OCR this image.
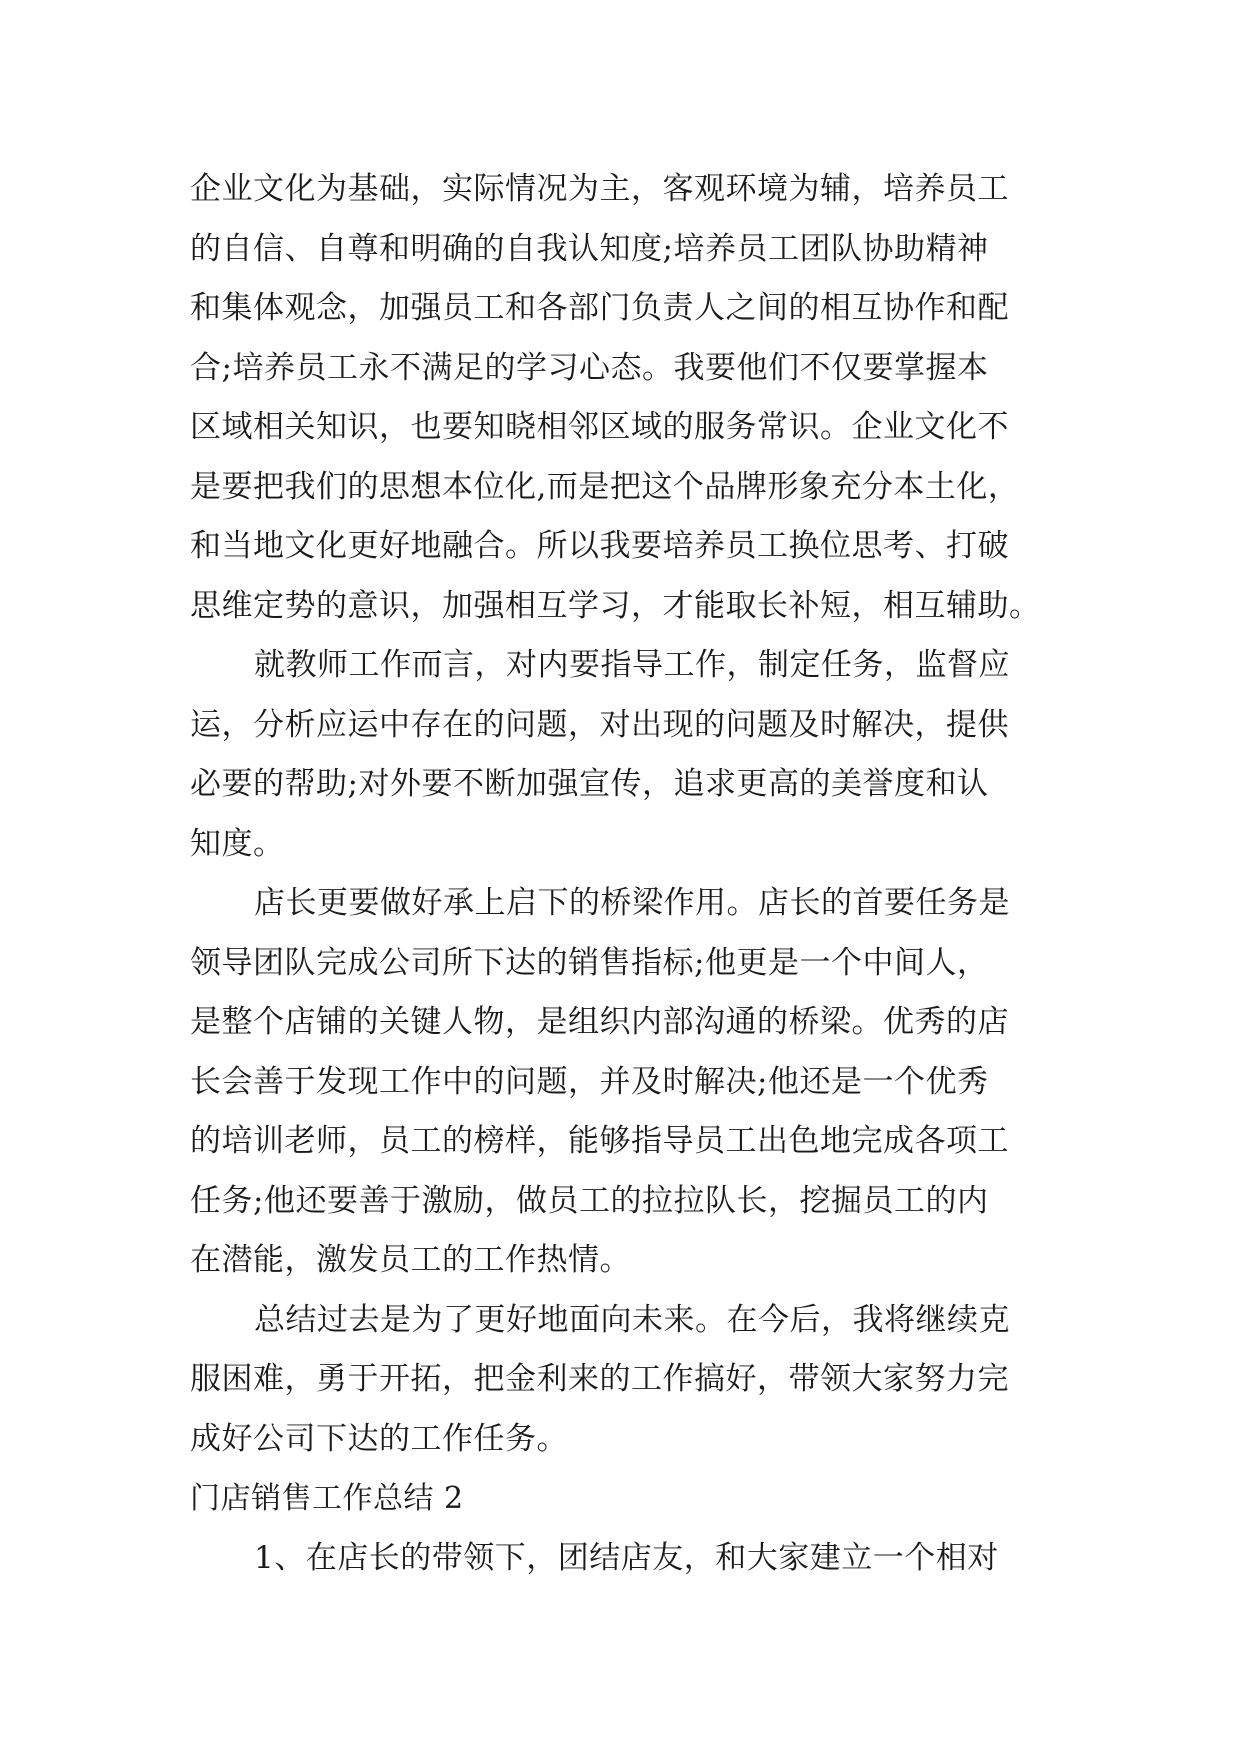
企业文化为基础，实际情况为主，客观环境为辅，培养员工
的自信、自尊和明确的自我认知度;培养员工团队协助精神
和集体观念，加强员工和各部门负责人之间的相互协作和配
合;培养员工永不满足的学习心态。我要他们不仅要掌握本
区域相关知识，也要知晓相邻区域的服务常识。企业文化不
是要把我们的思想本位化,而是把这个品牌形象充分本土化，
和当地文化更好地融合。所以我要培养员工换位思考、打破
思维定势的意识，加强相互学习，才能取长补短，相互辅助。
就教师工作而言，对内要指导工作，制定任务，监督应
运，分析应运中存在的问题，对出现的问题及时解决，提供
必要的帮助;对外要不断加强宣传，追求更高的美誉度和认
知度。
店长更要做好承上启下的桥梁作用。店长的首要任务是
领导团队完成公司所下达的销售指标;他更是一个中间人，
是整个店铺的关键人物，是组织内部沟通的桥梁。优秀的店
长会善于发现工作中的问题，并及时解决;他还是一个优秀
的培训老师，员工的榜样，能够指导员工出色地完成各项工
任务;他还要善于激励，做员工的拉拉队长，挖掘员工的内
在潜能，激发员工的工作热情。
总结过去是为了更好地面向未来。在今后，我将继续克
服困难，勇于开拓，把金利来的工作搞好，带领大家努力完
成好公司下达的工作任务。
门店销售工作总结 2
1、在店长的带领下，团结店友，和大家建立一个相对
